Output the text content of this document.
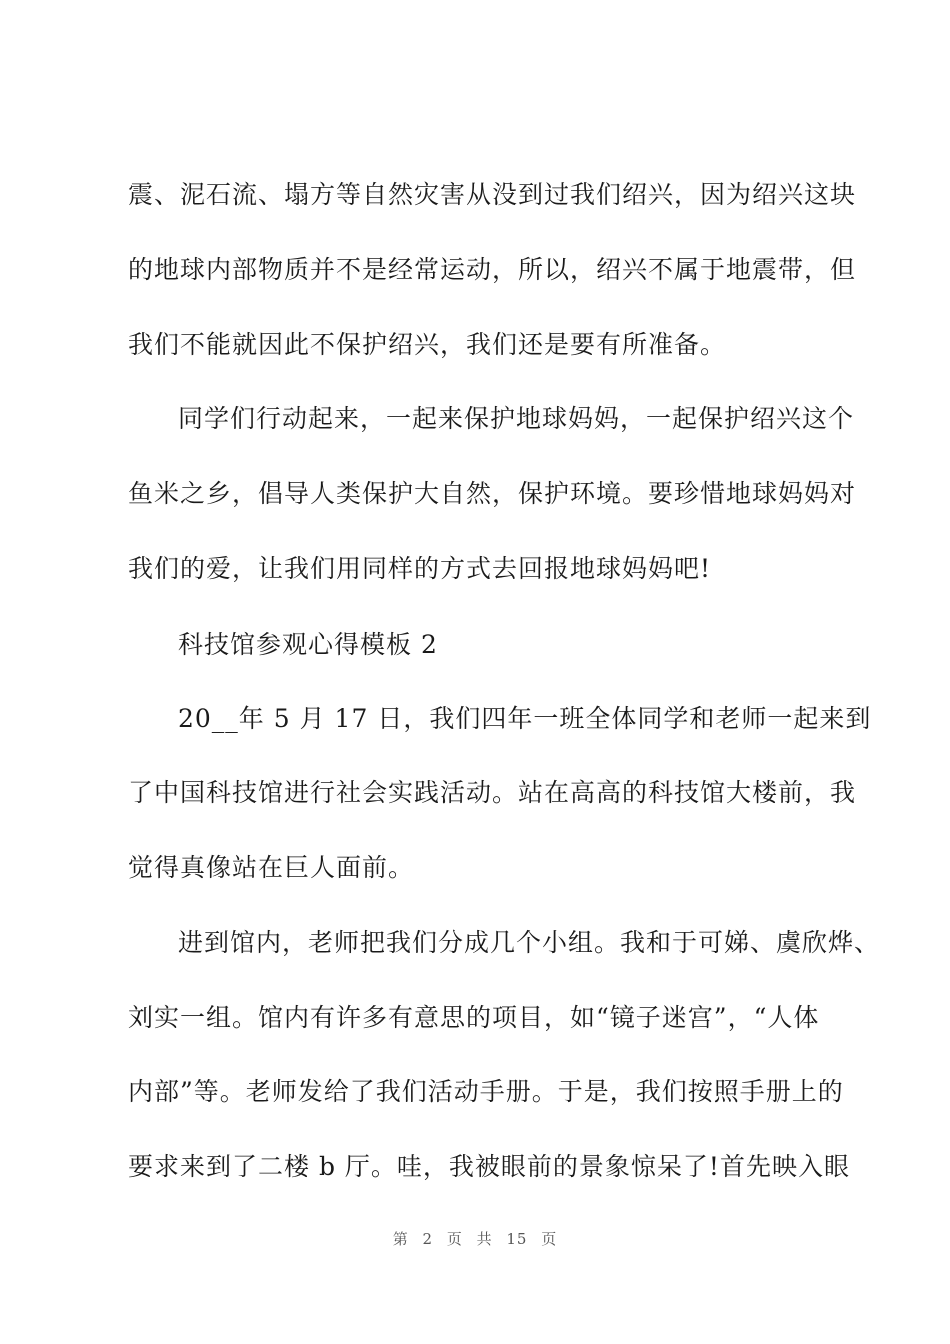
震、泥石流、塌方等自然灾害从没到过我们绍兴，因为绍兴这块
的地球内部物质并不是经常运动，所以，绍兴不属于地震带，但
我们不能就因此不保护绍兴，我们还是要有所准备。
同学们行动起来，一起来保护地球妈妈，一起保护绍兴这个
鱼米之乡，倡导人类保护大自然，保护环境。要珍惜地球妈妈对
我们的爱，让我们用同样的方式去回报地球妈妈吧!
科技馆参观心得模板 2
20__年 5 月 17 日，我们四年一班全体同学和老师一起来到
了中国科技馆进行社会实践活动。站在高高的科技馆大楼前，我
觉得真像站在巨人面前。
进到馆内，老师把我们分成几个小组。我和于可娣、虞欣烨、
刘实一组。馆内有许多有意思的项目，如“镜子迷宫”，“人体
内部”等。老师发给了我们活动手册。于是，我们按照手册上的
要求来到了二楼 b 厅。哇，我被眼前的景象惊呆了!首先映入眼
第 2 页 共 15 页
